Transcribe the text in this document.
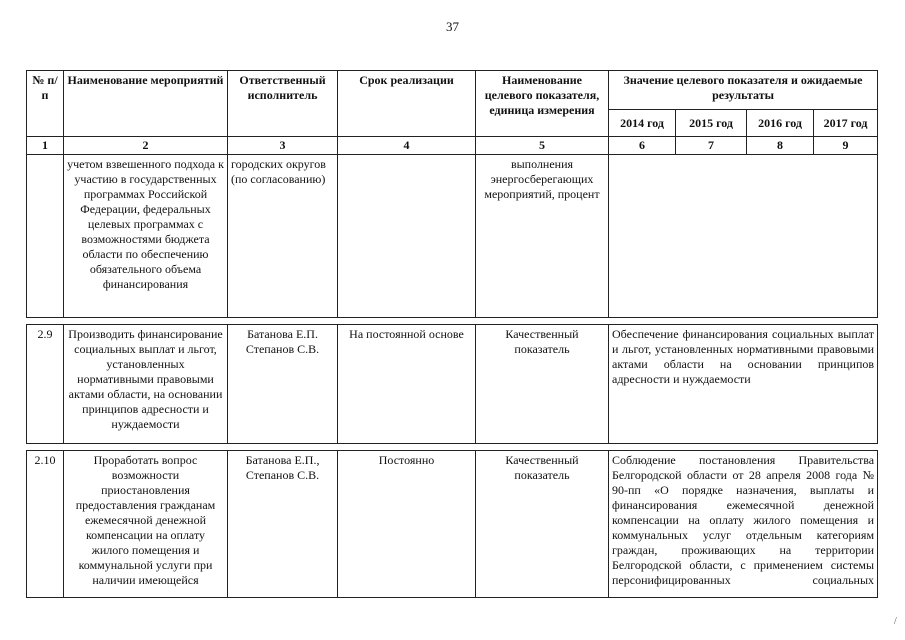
37
№ п/п	Наименование мероприятий	Ответственный исполнитель	Срок реализации	Наименование целевого показателя, единица измерения	Значение целевого показателя и ожидаемые результаты			
					2014 год	2015 год	2016 год	2017 год
1	2	3	4	5	6	7	8	9
	учетом взвешенного подхода к участию в государственных программах Российской Федерации, федеральных целевых программах с возможностями бюджета области по обеспечению обязательного объема финансирования	городских округов (по согласованию)		выполнения энергосберегающих мероприятий, процент				

2.9	Производить финансирование социальных выплат и льгот, установленных нормативными правовыми актами области, на основании принципов адресности и нуждаемости	Батанова Е.П. Степанов С.В.	На постоянной основе	Качественный показатель	Обеспечение финансирования социальных выплат и льгот, установленных нормативными правовыми актами области на основании принципов адресности и нуждаемости			

2.10	Проработать вопрос возможности приостановления предоставления гражданам ежемесячной денежной компенсации на оплату жилого помещения и коммунальной услуги при наличии имеющейся	Батанова Е.П., Степанов С.В.	Постоянно	Качественный показатель	Соблюдение постановления Правительства Белгородской области от 28 апреля 2008 года № 90-пп «О порядке назначения, выплаты и финансирования ежемесячной денежной компенсации на оплату жилого помещения и коммунальных услуг отдельным категориям граждан, проживающих на территории Белгородской области, с применением системы персонифицированных социальных			
/
